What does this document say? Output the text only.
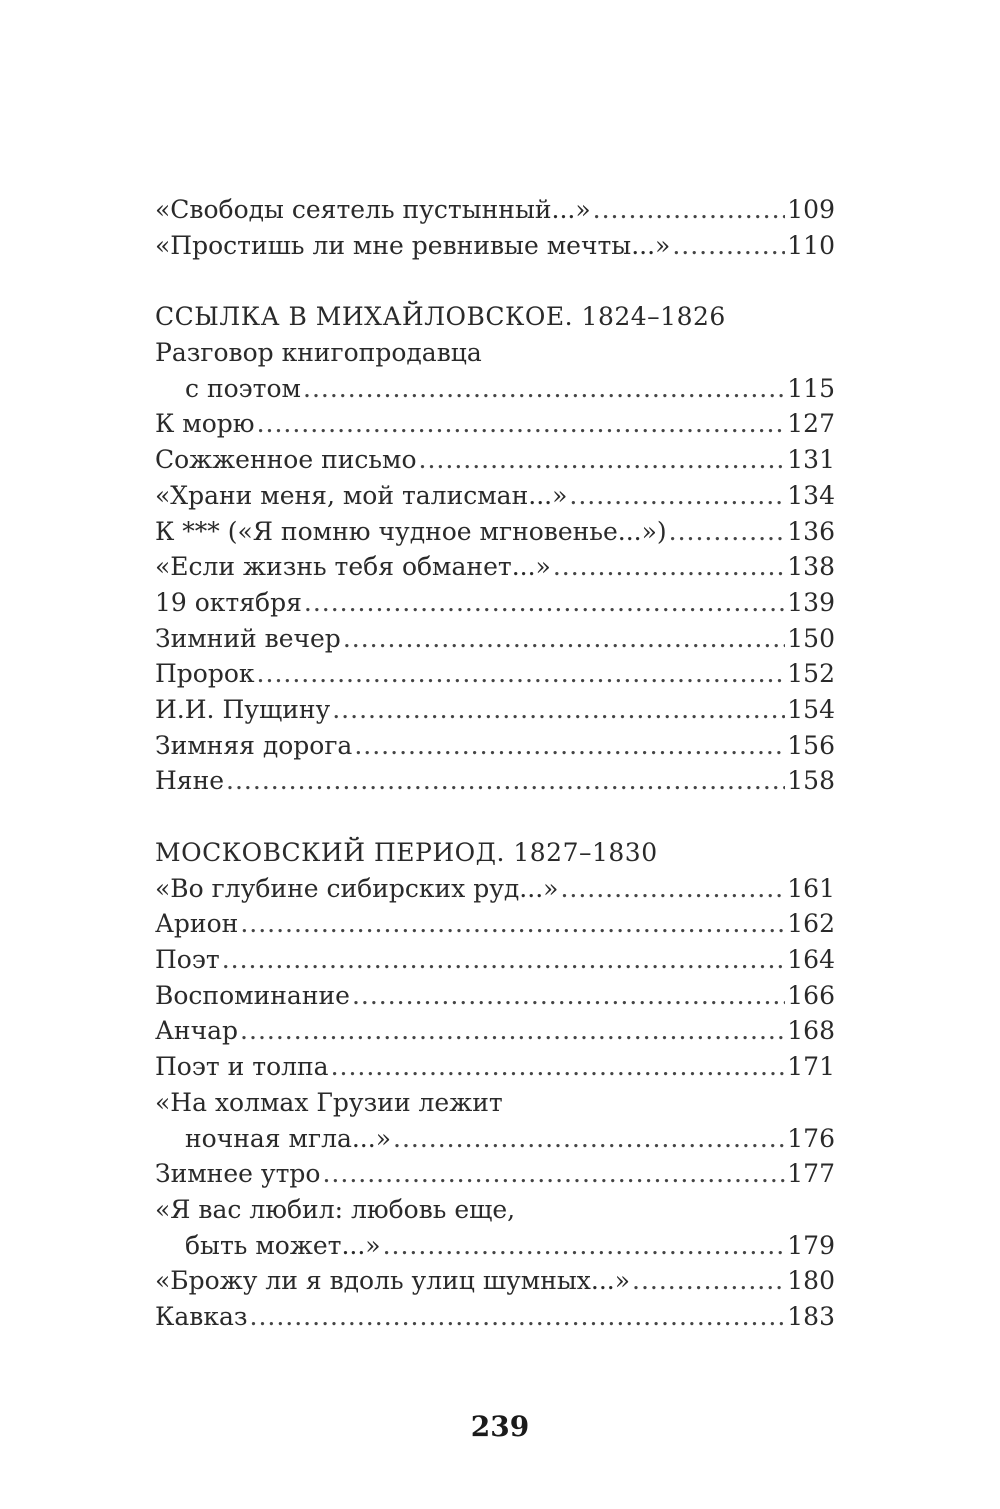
«Свободы сеятель пустынный...» .....	109
«Простишь ли мне ревнивые мечты...» .....	110
ССЫЛКА В МИХАЙЛОВСКОЕ. 1824–1826
Разговор книгопродавца
с поэтом .....	115
К морю .....	127
Сожженное письмо .....	131
«Храни меня, мой талисман...» .....	134
К *** («Я помню чудное мгновенье...») .....	136
«Если жизнь тебя обманет...» .....	138
19 октября .....	139
Зимний вечер .....	150
Пророк .....	152
И.И. Пущину .....	154
Зимняя дорога .....	156
Няне .....	158
МОСКОВСКИЙ ПЕРИОД. 1827–1830
«Во глубине сибирских руд...» .....	161
Арион .....	162
Поэт .....	164
Воспоминание .....	166
Анчар .....	168
Поэт и толпа .....	171
«На холмах Грузии лежит
ночная мгла...» .....	176
Зимнее утро .....	177
«Я вас любил: любовь еще,
быть может...» .....	179
«Брожу ли я вдоль улиц шумных...» .....	180
Кавказ .....	183
239
